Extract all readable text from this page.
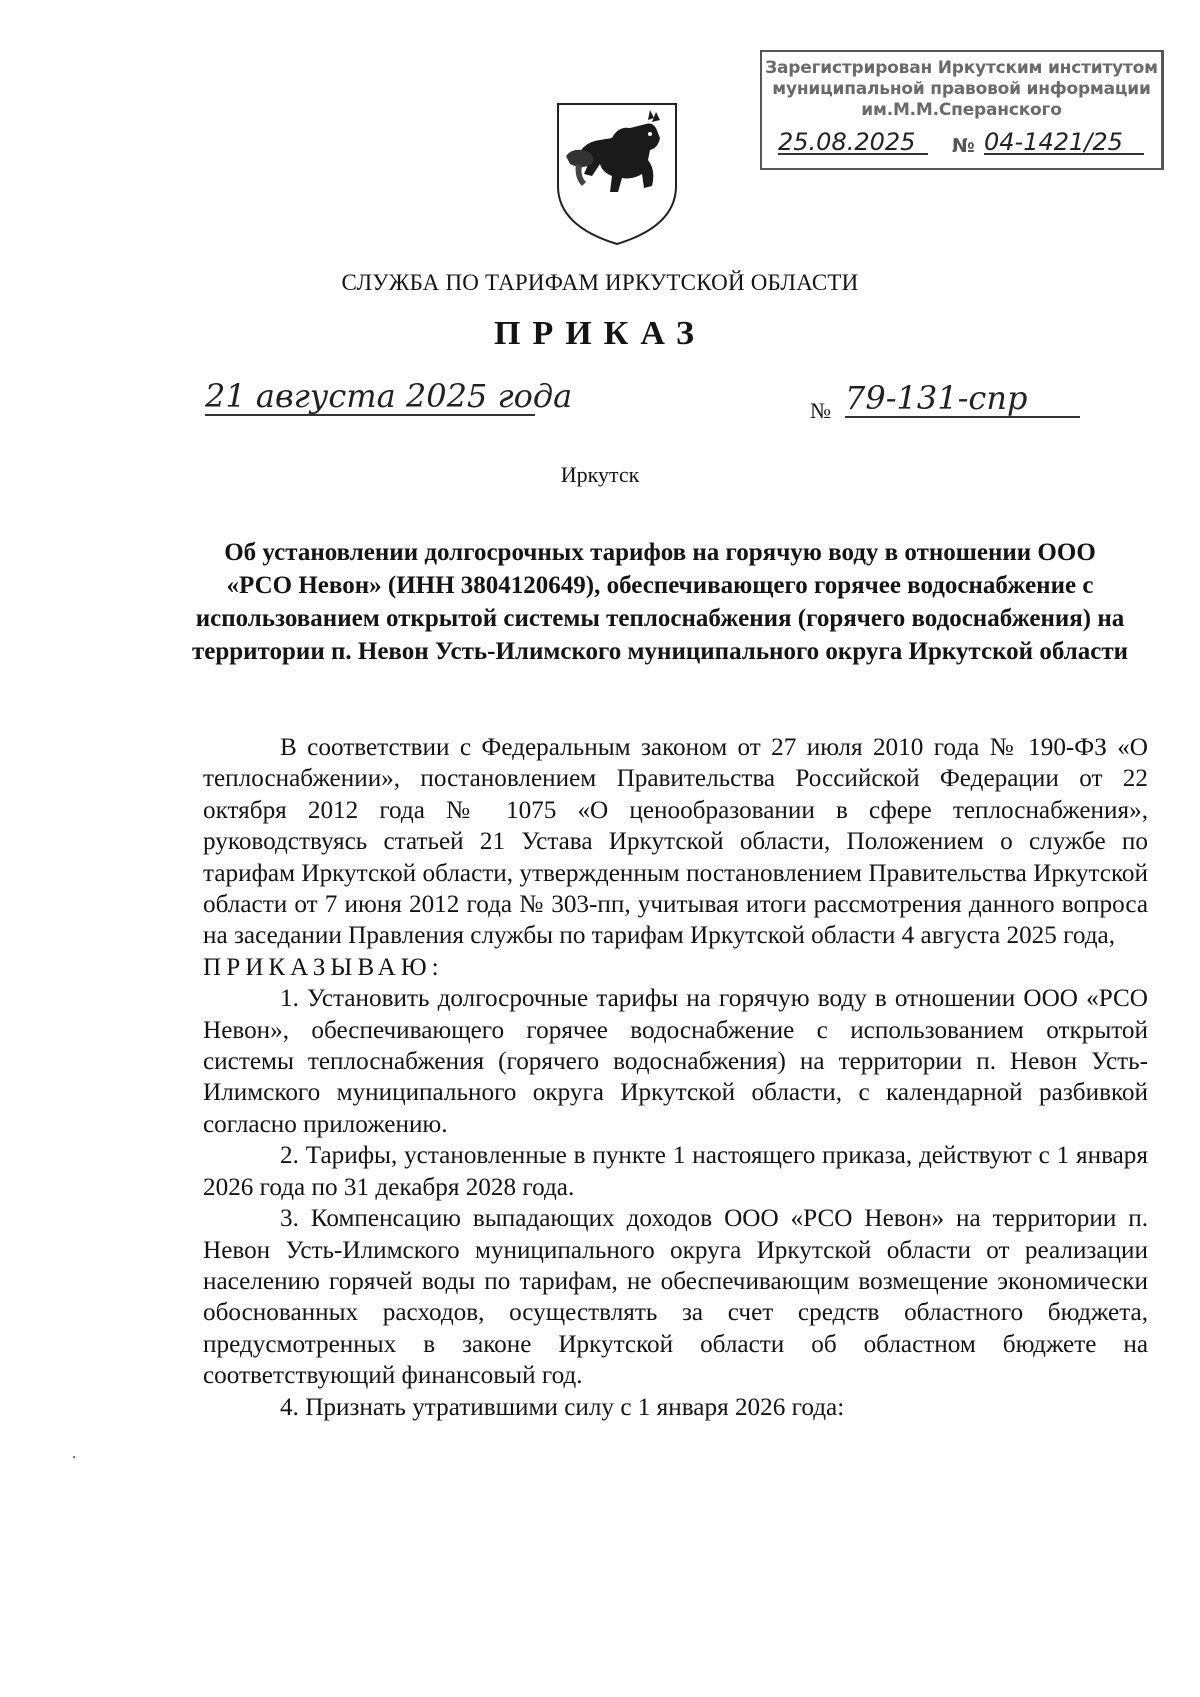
Зарегистрирован Иркутским институтом
муниципальной правовой информации
им.М.М.Сперанского
25.08.2025	№ 04-1421/25
СЛУЖБА ПО ТАРИФАМ ИРКУТСКОЙ ОБЛАСТИ
ПРИКАЗ
21 августа 2025 года	№ 79-131-спр
Иркутск
Об установлении долгосрочных тарифов на горячую воду в отношении ООО «РСО Невон» (ИНН 3804120649), обеспечивающего горячее водоснабжение с использованием открытой системы теплоснабжения (горячего водоснабжения) на территории п. Невон Усть-Илимского муниципального округа Иркутской области

В соответствии с Федеральным законом от 27 июля 2010 года № 190-ФЗ «О теплоснабжении», постановлением Правительства Российской Федерации от 22 октября 2012 года № 1075 «О ценообразовании в сфере теплоснабжения», руководствуясь статьей 21 Устава Иркутской области, Положением о службе по тарифам Иркутской области, утвержденным постановлением Правительства Иркутской области от 7 июня 2012 года № 303-пп, учитывая итоги рассмотрения данного вопроса на заседании Правления службы по тарифам Иркутской области 4 августа 2025 года,

ПРИКАЗЫВАЮ:

1. Установить долгосрочные тарифы на горячую воду в отношении ООО «РСО Невон», обеспечивающего горячее водоснабжение с использованием открытой системы теплоснабжения (горячего водоснабжения) на территории п. Невон Усть-Илимского муниципального округа Иркутской области, с календарной разбивкой согласно приложению.

2. Тарифы, установленные в пункте 1 настоящего приказа, действуют с 1 января 2026 года по 31 декабря 2028 года.

3. Компенсацию выпадающих доходов ООО «РСО Невон» на территории п. Невон Усть-Илимского муниципального округа Иркутской области от реализации населению горячей воды по тарифам, не обеспечивающим возмещение экономически обоснованных расходов, осуществлять за счет средств областного бюджета, предусмотренных в законе Иркутской области об областном бюджете на соответствующий финансовый год.

4. Признать утратившими силу с 1 января 2026 года:
